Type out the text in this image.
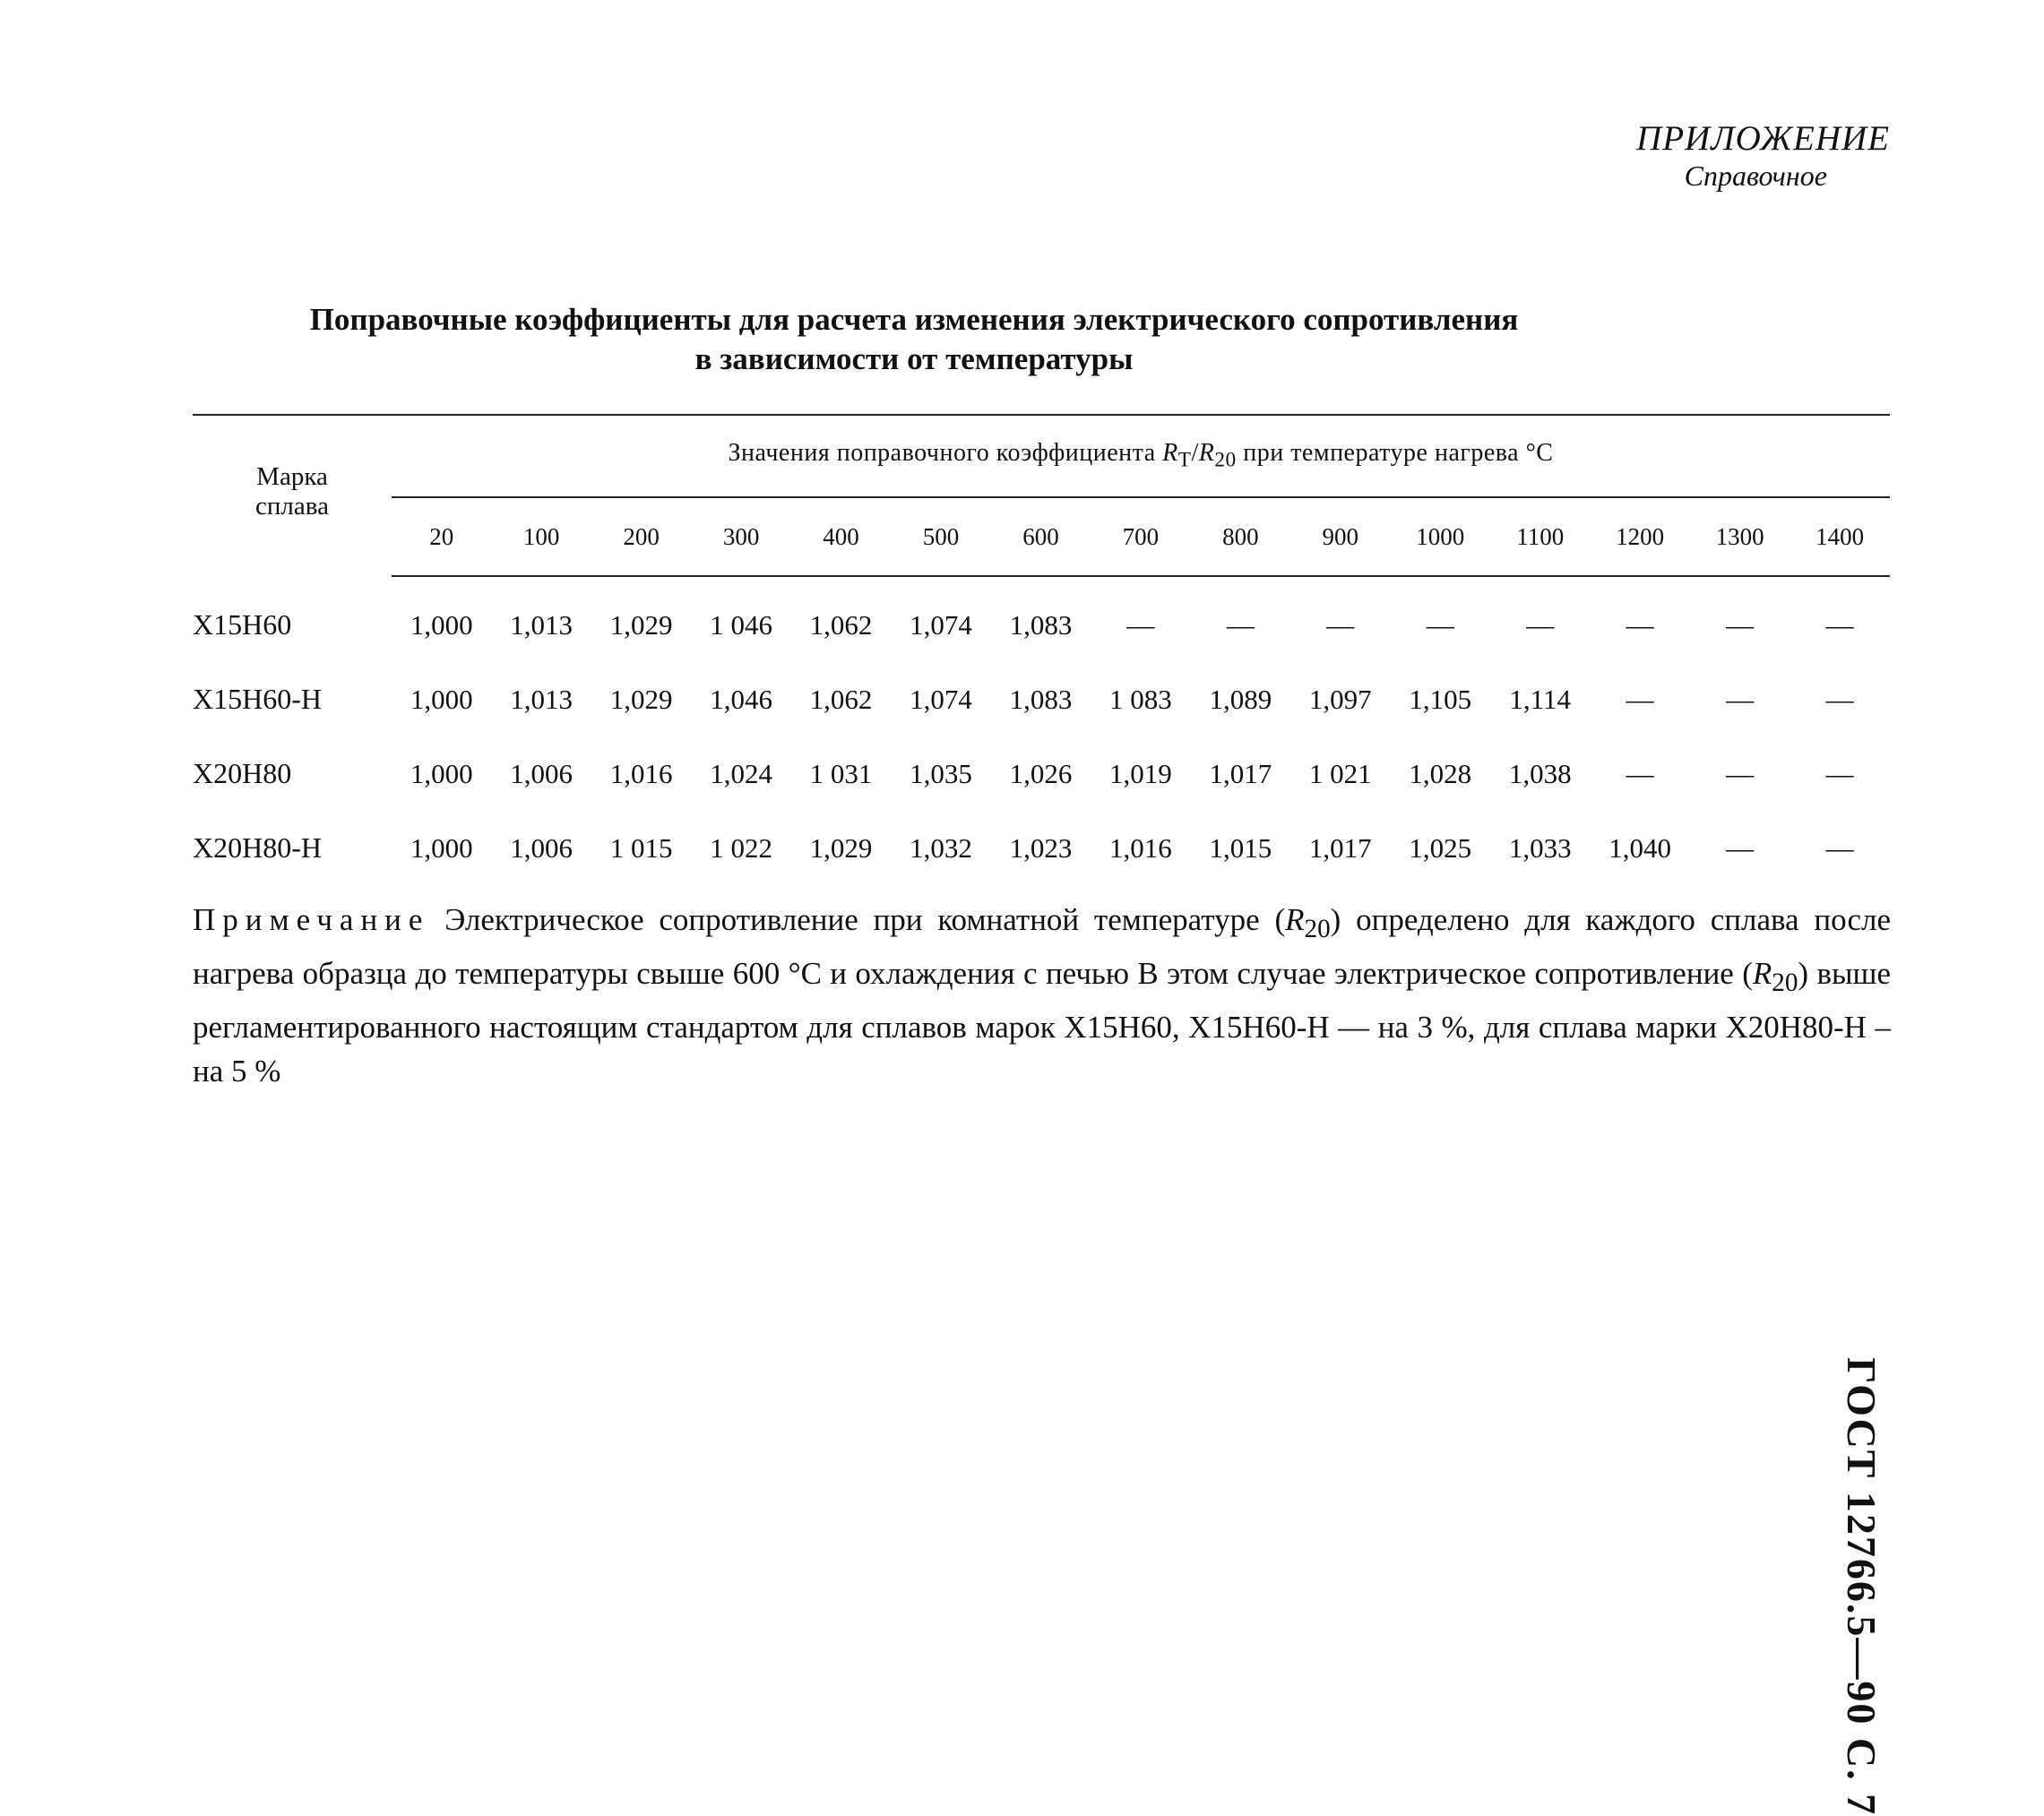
ПРИЛОЖЕНИЕ
Справочное
Поправочные коэффициенты для расчета изменения электрического сопротивления
в зависимости от температуры
Марка
сплава	Значения поправочного коэффициента $R_T/R_{20}$ при температуре нагрева °C														
	20	100	200	300	400	500	600	700	800	900	1000	1100	1200	1300	1400
Х15Н60	1,000	1,013	1,029	1 046	1,062	1,074	1,083	—	—	—	—	—	—	—	—
Х15Н60-Н	1,000	1,013	1,029	1,046	1,062	1,074	1,083	1 083	1,089	1,097	1,105	1,114	—	—	—
Х20Н80	1,000	1,006	1,016	1,024	1 031	1,035	1,026	1,019	1,017	1 021	1,028	1,038	—	—	—
Х20Н80-Н	1,000	1,006	1 015	1 022	1,029	1,032	1,023	1,016	1,015	1,017	1,025	1,033	1,040	—	—
Примечание Электрическое сопротивление при комнатной температуре $(R_{20})$ определено для каждого сплава после нагрева образца до температуры свыше 600 °C и охлаждения с печью В этом случае электрическое сопротивление $(R_{20})$ выше регламентированного настоящим стандартом для сплавов марок Х15Н60, Х15Н60-Н — на 3 %, для сплава марки Х20Н80-Н – на 5 %
ГОСТ 12766.5—90 С. 7
